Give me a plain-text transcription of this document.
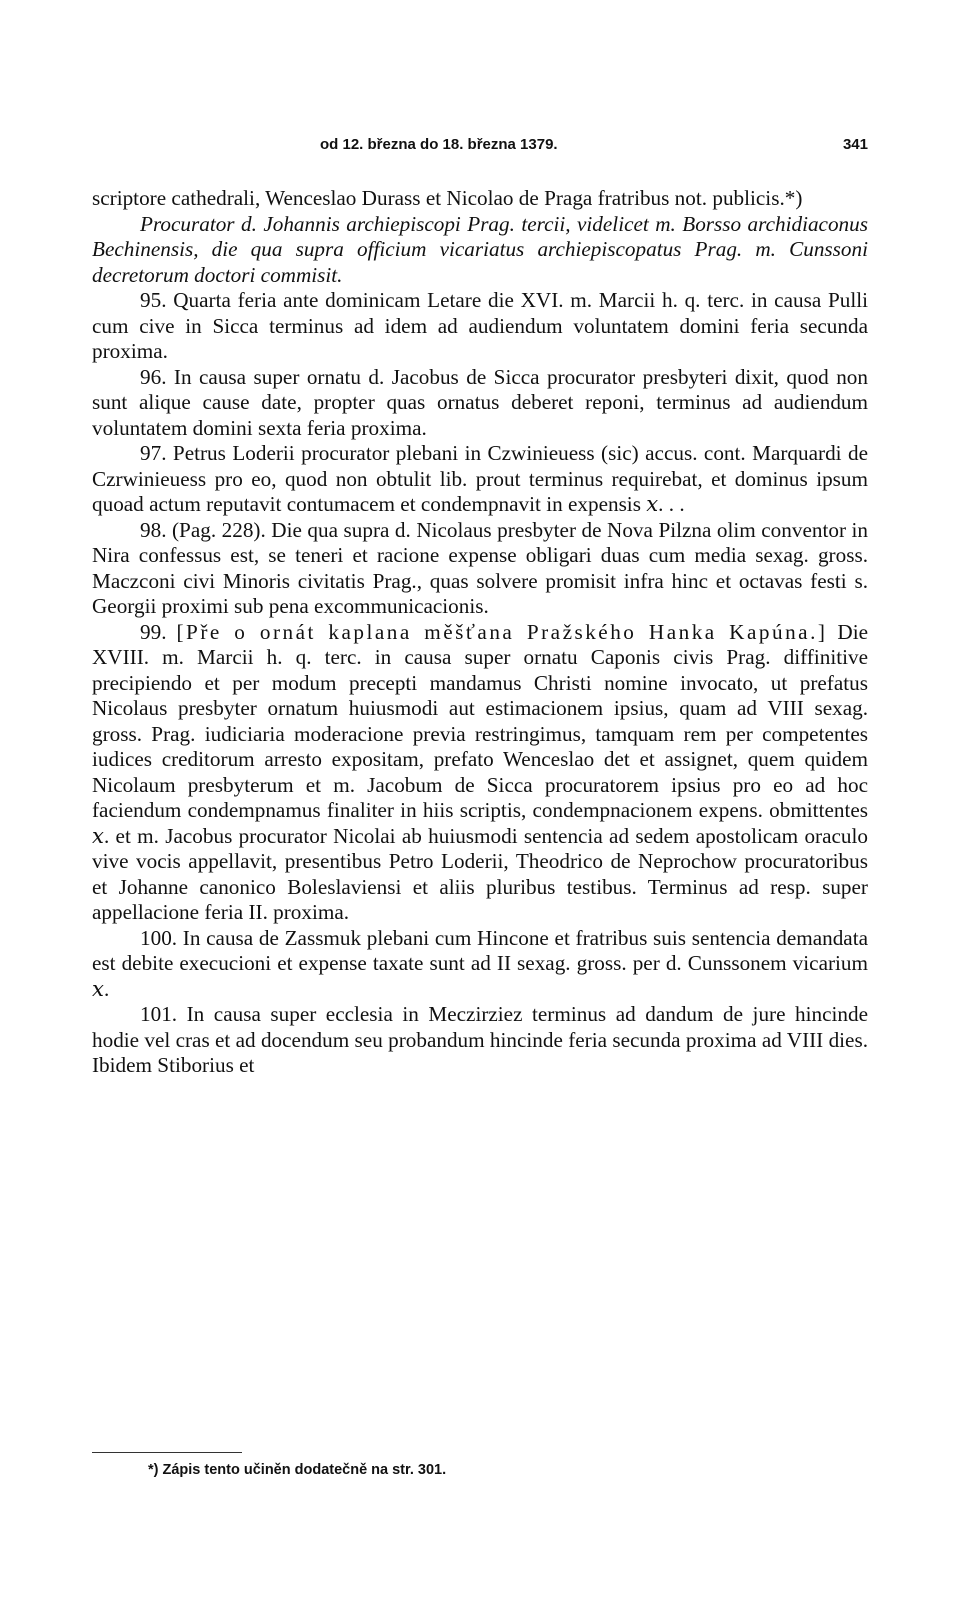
od 12. března do 18. března 1379.	341

scriptore cathedrali, Wenceslao Durass et Nicolao de Praga fratribus not. publicis.*)

Procurator d. Johannis archiepiscopi Prag. tercii, videlicet m. Borsso archidiaconus Bechinensis, die qua supra officium vicariatus archiepiscopatus Prag. m. Cunssoni decretorum doctori commisit.

95. Quarta feria ante dominicam Letare die XVI. m. Marcii h. q. terc. in causa Pulli cum cive in Sicca terminus ad idem ad audiendum voluntatem domini feria secunda proxima.

96. In causa super ornatu d. Jacobus de Sicca procurator presbyteri dixit, quod non sunt alique cause date, propter quas ornatus deberet reponi, terminus ad audiendum voluntatem domini sexta feria proxima.

97. Petrus Loderii procurator plebani in Czwinieuess (sic) accus. cont. Marquardi de Czrwinieuess pro eo, quod non obtulit lib. prout terminus requirebat, et dominus ipsum quoad actum reputavit contumacem et condempnavit in expensis 𝑥. . .

98. (Pag. 228). Die qua supra d. Nicolaus presbyter de Nova Pilzna olim conventor in Nira confessus est, se teneri et racione expense obligari duas cum media sexag. gross. Maczconi civi Minoris civitatis Prag., quas solvere promisit infra hinc et octavas festi s. Georgii proximi sub pena excommunicacionis.

99. [Pře o ornát kaplana měšťana Pražského Hanka Kapúna.] Die XVIII. m. Marcii h. q. terc. in causa super ornatu Caponis civis Prag. diffinitive precipiendo et per modum precepti mandamus Christi nomine invocato, ut prefatus Nicolaus presbyter ornatum huiusmodi aut estimacionem ipsius, quam ad VIII sexag. gross. Prag. iudiciaria moderacione previa restringimus, tamquam rem per competentes iudices creditorum arresto expositam, prefato Wenceslao det et assignet, quem quidem Nicolaum presbyterum et m. Jacobum de Sicca procuratorem ipsius pro eo ad hoc faciendum condempnamus finaliter in hiis scriptis, condempnacionem expens. obmittentes 𝑥. et m. Jacobus procurator Nicolai ab huiusmodi sentencia ad sedem apostolicam oraculo vive vocis appellavit, presentibus Petro Loderii, Theodrico de Neprochow procuratoribus et Johanne canonico Boleslaviensi et aliis pluribus testibus. Terminus ad resp. super appellacione feria II. proxima.

100. In causa de Zassmuk plebani cum Hincone et fratribus suis sentencia demandata est debite execucioni et expense taxate sunt ad II sexag. gross. per d. Cunssonem vicarium 𝑥.

101. In causa super ecclesia in Meczirziez terminus ad dandum de jure hincinde hodie vel cras et ad docendum seu probandum hincinde feria secunda proxima ad VIII dies. Ibidem Stiborius et

*) Zápis tento učiněn dodatečně na str. 301.
